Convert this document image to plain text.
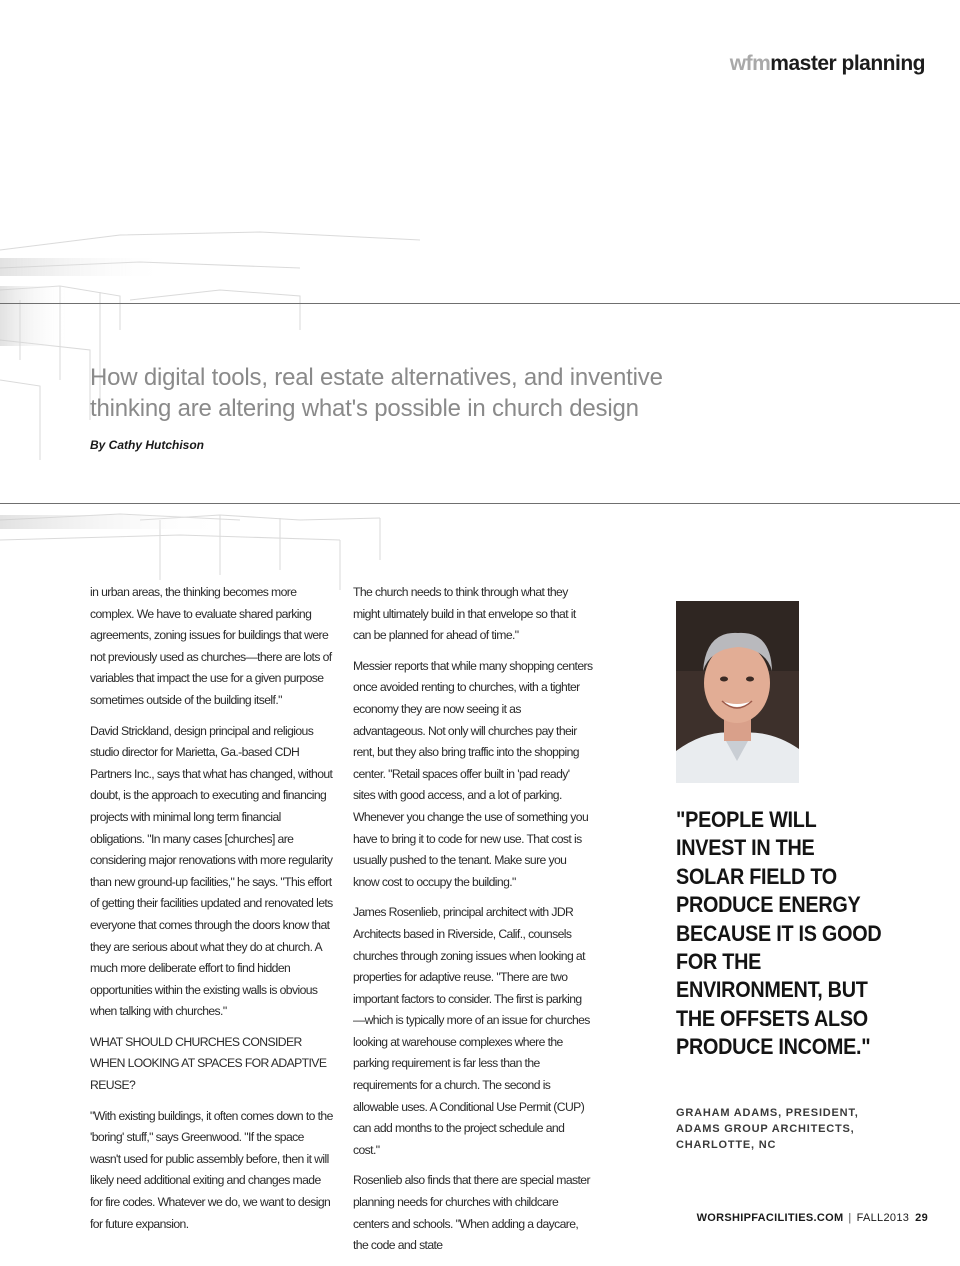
wfmmaster planning
How digital tools, real estate alternatives, and inventive thinking are altering what's possible in church design
By Cathy Hutchison

in urban areas, the thinking becomes more complex. We have to evaluate shared parking agreements, zoning issues for buildings that were not previously used as churches—there are lots of variables that impact the use for a given purpose sometimes outside of the building itself."

David Strickland, design principal and religious studio director for Marietta, Ga.-based CDH Partners Inc., says that what has changed, without doubt, is the approach to executing and financing projects with minimal long term financial obligations. "In many cases [churches] are considering major renovations with more regularity than new ground-up facilities," he says. "This effort of getting their facilities updated and renovated lets everyone that comes through the doors know that they are serious about what they do at church. A much more deliberate effort to find hidden opportunities within the existing walls is obvious when talking with churches."

WHAT SHOULD CHURCHES CONSIDER WHEN LOOKING AT SPACES FOR ADAPTIVE REUSE?

"With existing buildings, it often comes down to the 'boring' stuff," says Greenwood. "If the space wasn't used for public assembly before, then it will likely need additional exiting and changes made for fire codes. Whatever we do, we want to design for future expansion.

The church needs to think through what they might ultimately build in that envelope so that it can be planned for ahead of time."

Messier reports that while many shopping centers once avoided renting to churches, with a tighter economy they are now seeing it as advantageous. Not only will churches pay their rent, but they also bring traffic into the shopping center. "Retail spaces offer built in 'pad ready' sites with good access, and a lot of parking. Whenever you change the use of something you have to bring it to code for new use. That cost is usually pushed to the tenant. Make sure you know cost to occupy the building."

James Rosenlieb, principal architect with JDR Architects based in Riverside, Calif., counsels churches through zoning issues when looking at properties for adaptive reuse. "There are two important factors to consider. The first is parking—which is typically more of an issue for churches looking at warehouse complexes where the parking requirement is far less than the requirements for a church. The second is allowable uses. A Conditional Use Permit (CUP) can add months to the project schedule and cost."

Rosenlieb also finds that there are special master planning needs for churches with childcare centers and schools. "When adding a daycare, the code and state

"PEOPLE WILL INVEST IN THE SOLAR FIELD TO PRODUCE ENERGY BECAUSE IT IS GOOD FOR THE ENVIRONMENT, BUT THE OFFSETS ALSO PRODUCE INCOME."
GRAHAM ADAMS, PRESIDENT, ADAMS GROUP ARCHITECTS, CHARLOTTE, NC
WORSHIPFACILITIES.COM | FALL2013 29
